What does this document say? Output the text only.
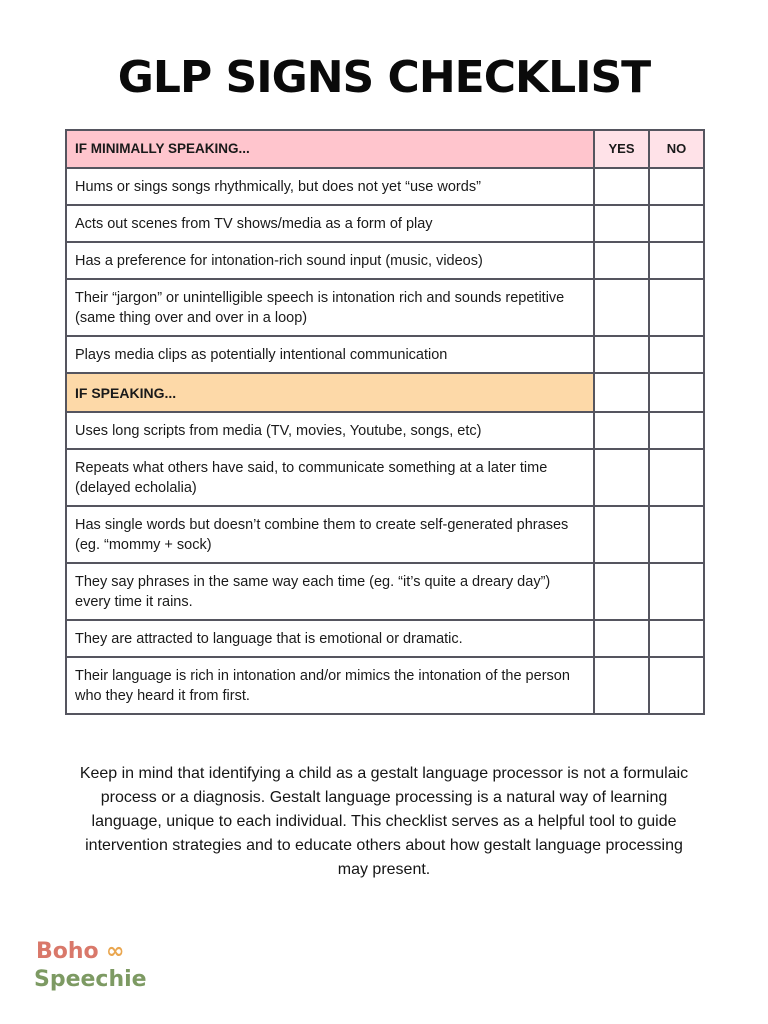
GLP SIGNS CHECKLIST
IF MINIMALLY SPEAKING...	YES	NO
Hums or sings songs rhythmically, but does not yet “use words”		
Acts out scenes from TV shows/media as a form of play		
Has a preference for intonation-rich sound input (music, videos)		
Their “jargon” or unintelligible speech is intonation rich and sounds repetitive (same thing over and over in a loop)		
Plays media clips as potentially intentional communication		
IF SPEAKING...		
Uses long scripts from media (TV, movies, Youtube, songs, etc)		
Repeats what others have said, to communicate something at a later time (delayed echolalia)		
Has single words but doesn’t combine them to create self-generated phrases (eg. “mommy + sock)		
They say phrases in the same way each time (eg. “it’s quite a dreary day”) every time it rains.		
They are attracted to language that is emotional or dramatic.		
Their language is rich in intonation and/or mimics the intonation of the person who they heard it from first.		
Keep in mind that identifying a child as a gestalt language processor is not a formulaic process or a diagnosis. Gestalt language processing is a natural way of learning language, unique to each individual. This checklist serves as a helpful tool to guide intervention strategies and to educate others about how gestalt language processing may present.
Boho ∞
Speechie
